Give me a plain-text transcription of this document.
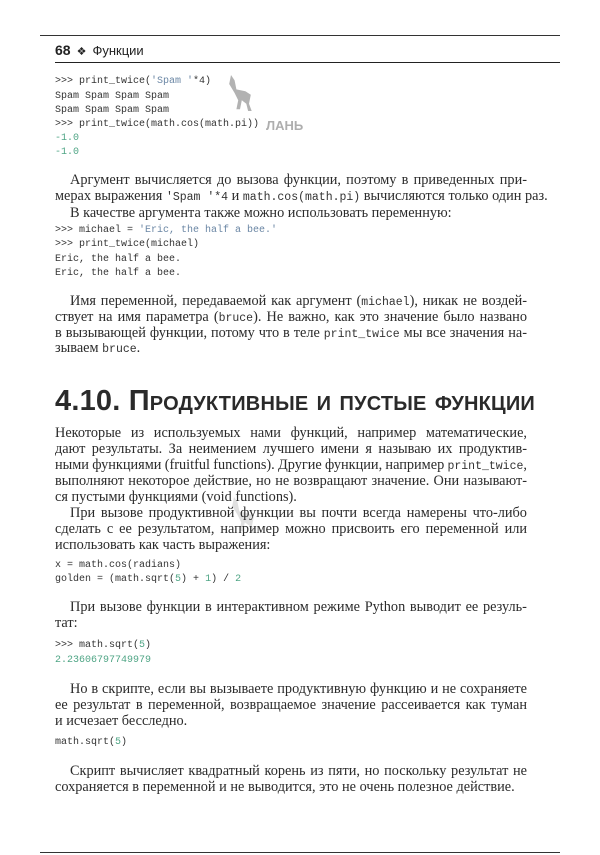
68 ❖ Функции
ЛАНЬ
4.10. Продуктивные и пустые функции
>>> print_twice('Spam '*4)
Spam Spam Spam Spam
Spam Spam Spam Spam
>>> print_twice(math.cos(math.pi))
-1.0
-1.0
Аргумент вычисляется до вызова функции, поэтому в приведенных при-
мерах выражения 'Spam '*4 и math.cos(math.pi) вычисляются только один раз.
В качестве аргумента также можно использовать переменную:
>>> michael = 'Eric, the half a bee.'
>>> print_twice(michael)
Eric, the half a bee.
Eric, the half a bee.
Имя переменной, передаваемой как аргумент (michael), никак не воздей-
ствует на имя параметра (bruce). Не важно, как это значение было названо
в вызывающей функции, потому что в теле print_twice мы все значения на-
зываем bruce.
Некоторые из используемых нами функций, например математические,
дают результаты. За неимением лучшего имени я называю их продуктив-
ными функциями (fruitful functions). Другие функции, например print_twice,
выполняют некоторое действие, но не возвращают значение. Они называют-
ся пустыми функциями (void functions).
При вызове продуктивной функции вы почти всегда намерены что-либо
сделать с ее результатом, например можно присвоить его переменной или
использовать как часть выражения:
x = math.cos(radians)
golden = (math.sqrt(5) + 1) / 2
При вызове функции в интерактивном режиме Python выводит ее резуль-
тат:
>>> math.sqrt(5)
2.23606797749979
Но в скрипте, если вы вызываете продуктивную функцию и не сохраняете
ее результат в переменной, возвращаемое значение рассеивается как туман
и исчезает бесследно.
math.sqrt(5)
Скрипт вычисляет квадратный корень из пяти, но поскольку результат не
сохраняется в переменной и не выводится, это не очень полезное действие.
